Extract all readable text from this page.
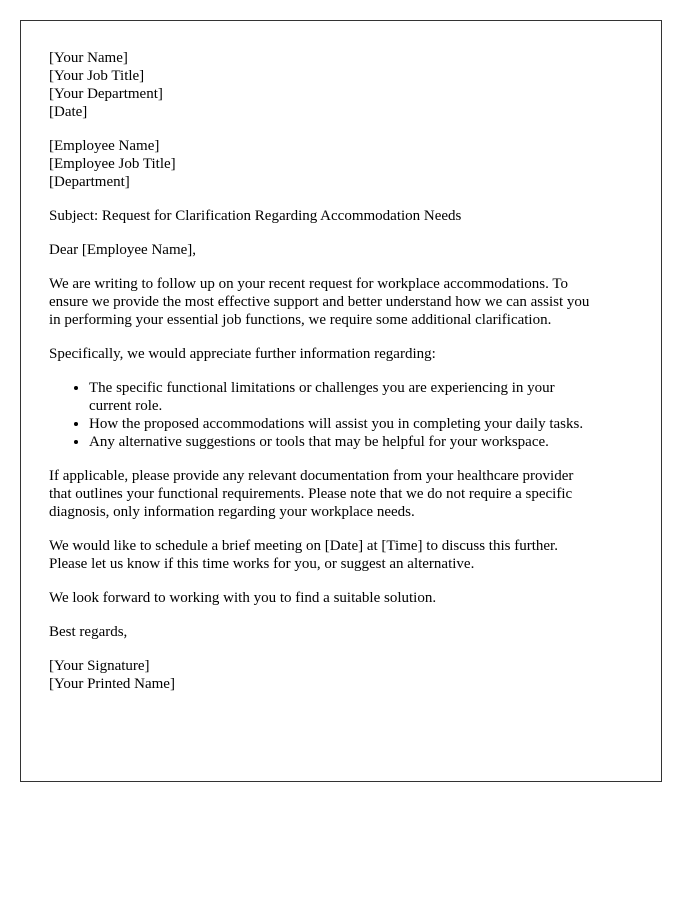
[Your Name]
[Your Job Title]
[Your Department]
[Date]

[Employee Name]
[Employee Job Title]
[Department]

Subject: Request for Clarification Regarding Accommodation Needs

Dear [Employee Name],

We are writing to follow up on your recent request for workplace accommodations. To
ensure we provide the most effective support and better understand how we can assist you
in performing your essential job functions, we require some additional clarification.

Specifically, we would appreciate further information regarding:

• The specific functional limitations or challenges you are experiencing in your
current role.
• How the proposed accommodations will assist you in completing your daily tasks.
• Any alternative suggestions or tools that may be helpful for your workspace.

If applicable, please provide any relevant documentation from your healthcare provider
that outlines your functional requirements. Please note that we do not require a specific
diagnosis, only information regarding your workplace needs.

We would like to schedule a brief meeting on [Date] at [Time] to discuss this further.
Please let us know if this time works for you, or suggest an alternative.

We look forward to working with you to find a suitable solution.

Best regards,

[Your Signature]
[Your Printed Name]
